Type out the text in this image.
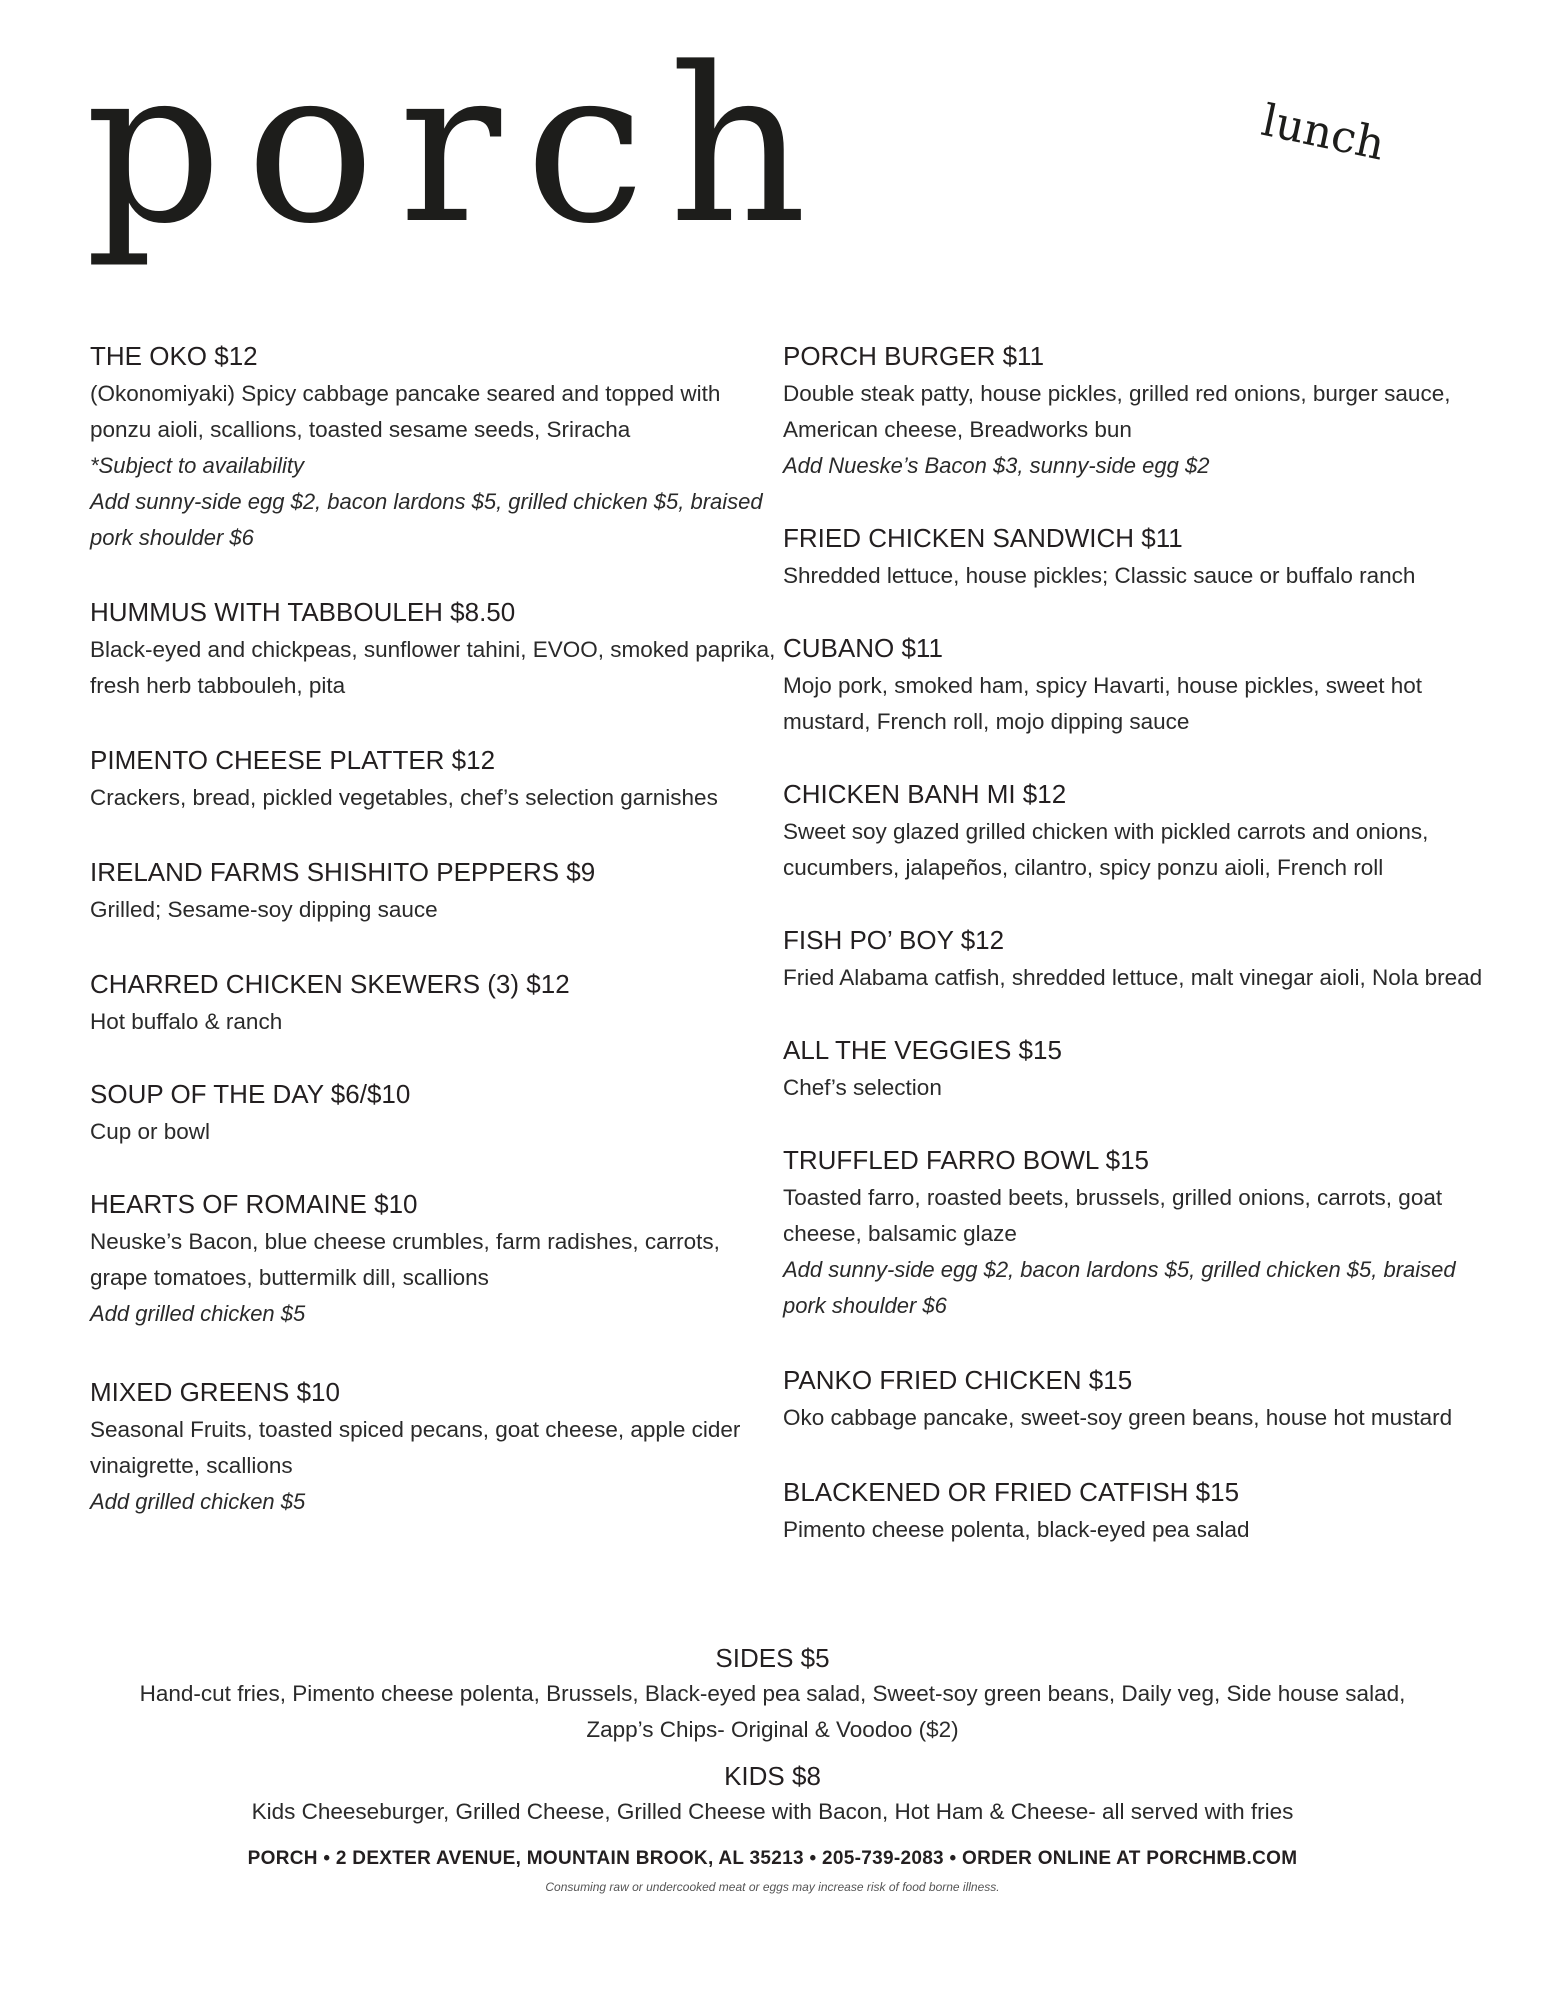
porch	lunch
THE OKO $12
(Okonomiyaki) Spicy cabbage pancake seared and topped with ponzu aioli, scallions, toasted sesame seeds, Sriracha
*Subject to availability
Add sunny-side egg $2, bacon lardons $5, grilled chicken $5, braised pork shoulder $6
HUMMUS WITH TABBOULEH $8.50
Black-eyed and chickpeas, sunflower tahini, EVOO, smoked paprika, fresh herb tabbouleh, pita
PIMENTO CHEESE PLATTER $12
Crackers, bread, pickled vegetables, chef’s selection garnishes
IRELAND FARMS SHISHITO PEPPERS $9
Grilled; Sesame-soy dipping sauce
CHARRED CHICKEN SKEWERS (3) $12
Hot buffalo & ranch
SOUP OF THE DAY $6/$10
Cup or bowl
HEARTS OF ROMAINE $10
Neuske’s Bacon, blue cheese crumbles, farm radishes, carrots, grape tomatoes, buttermilk dill, scallions
Add grilled chicken $5
MIXED GREENS $10
Seasonal Fruits, toasted spiced pecans, goat cheese, apple cider vinaigrette, scallions
Add grilled chicken $5
PORCH BURGER $11
Double steak patty, house pickles, grilled red onions, burger sauce, American cheese, Breadworks bun
Add Nueske’s Bacon $3, sunny-side egg $2
FRIED CHICKEN SANDWICH $11
Shredded lettuce, house pickles; Classic sauce or buffalo ranch
CUBANO $11
Mojo pork, smoked ham, spicy Havarti, house pickles, sweet hot mustard, French roll, mojo dipping sauce
CHICKEN BANH MI $12
Sweet soy glazed grilled chicken with pickled carrots and onions, cucumbers, jalapeños, cilantro, spicy ponzu aioli, French roll
FISH PO’ BOY $12
Fried Alabama catfish, shredded lettuce, malt vinegar aioli, Nola bread
ALL THE VEGGIES $15
Chef’s selection
TRUFFLED FARRO BOWL $15
Toasted farro, roasted beets, brussels, grilled onions, carrots, goat cheese, balsamic glaze
Add sunny-side egg $2, bacon lardons $5, grilled chicken $5, braised pork shoulder $6
PANKO FRIED CHICKEN $15
Oko cabbage pancake, sweet-soy green beans, house hot mustard
BLACKENED OR FRIED CATFISH $15
Pimento cheese polenta, black-eyed pea salad
SIDES $5
Hand-cut fries, Pimento cheese polenta, Brussels, Black-eyed pea salad, Sweet-soy green beans, Daily veg, Side house salad,
Zapp’s Chips- Original & Voodoo ($2)
KIDS $8
Kids Cheeseburger, Grilled Cheese, Grilled Cheese with Bacon, Hot Ham & Cheese- all served with fries
PORCH • 2 DEXTER AVENUE, MOUNTAIN BROOK, AL 35213 • 205-739-2083 • ORDER ONLINE AT PORCHMB.COM
Consuming raw or undercooked meat or eggs may increase risk of food borne illness.
